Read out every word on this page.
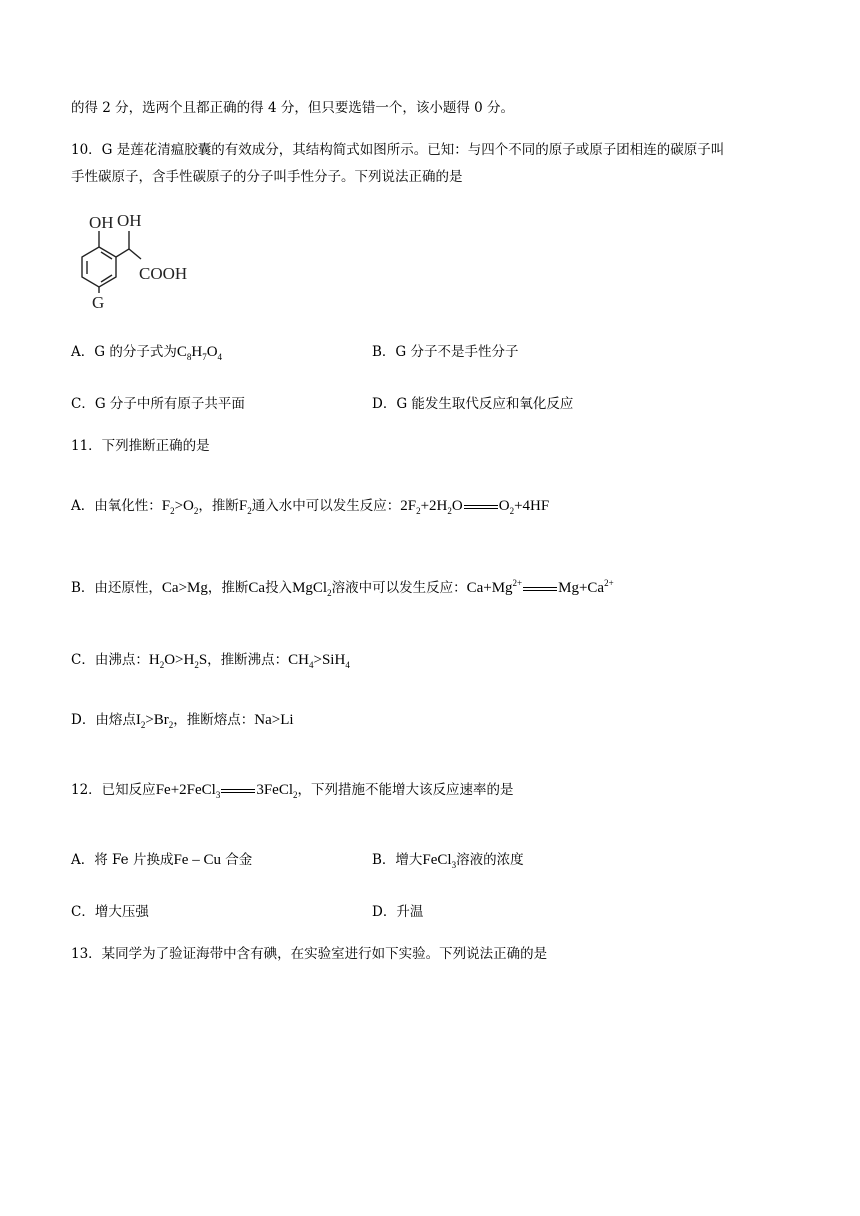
的得 2 分，选两个且都正确的得 4 分，但只要选错一个，该小题得 0 分。
10．G 是莲花清瘟胶囊的有效成分，其结构简式如图所示。已知：与四个不同的原子或原子团相连的碳原子叫
手性碳原子，含手性碳原子的分子叫手性分子。下列说法正确的是
OH OH
COOH
G
A．G 的分子式为$C_8H_7O_4$	B．G 分子不是手性分子
C．G 分子中所有原子共平面	D．G 能发生取代反应和氧化反应
11．下列推断正确的是
A．由氧化性：$F_2>O_2$，推断$F_2$通入水中可以发生反应：$2F_2+2H_2O$ $O_2+4HF$
B．由还原性，Ca>Mg，推断Ca投入MgCl$_2$溶液中可以发生反应：$Ca+Mg^{2+}$ $Mg+Ca^{2+}$
C．由沸点：$H_2O>H_2S$，推断沸点：$CH_4>SiH_4$
D．由熔点$I_2>Br_2$，推断熔点：Na>Li
12．已知反应Fe+2FeCl$_3$ 3FeCl$_2$，下列措施不能增大该反应速率的是
A．将 Fe 片换成Fe – Cu 合金	B．增大FeCl$_3$溶液的浓度
C．增大压强	D．升温
13．某同学为了验证海带中含有碘，在实验室进行如下实验。下列说法正确的是
